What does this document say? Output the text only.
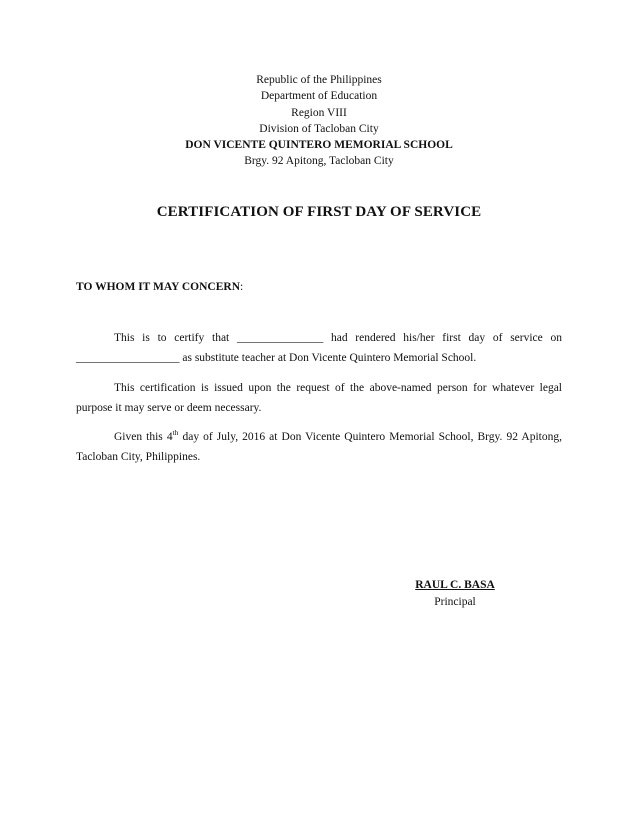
Republic of the Philippines
Department of Education
Region VIII
Division of Tacloban City
DON VICENTE QUINTERO MEMORIAL SCHOOL
Brgy. 92 Apitong, Tacloban City
CERTIFICATION OF FIRST DAY OF SERVICE
TO WHOM IT MAY CONCERN:
This is to certify that _______________ had rendered his/her first day of service on __________________ as substitute teacher at Don Vicente Quintero Memorial School.
This certification is issued upon the request of the above-named person for whatever legal purpose it may serve or deem necessary.
Given this 4th day of July, 2016 at Don Vicente Quintero Memorial School, Brgy. 92 Apitong, Tacloban City, Philippines.
RAUL C. BASA
Principal
